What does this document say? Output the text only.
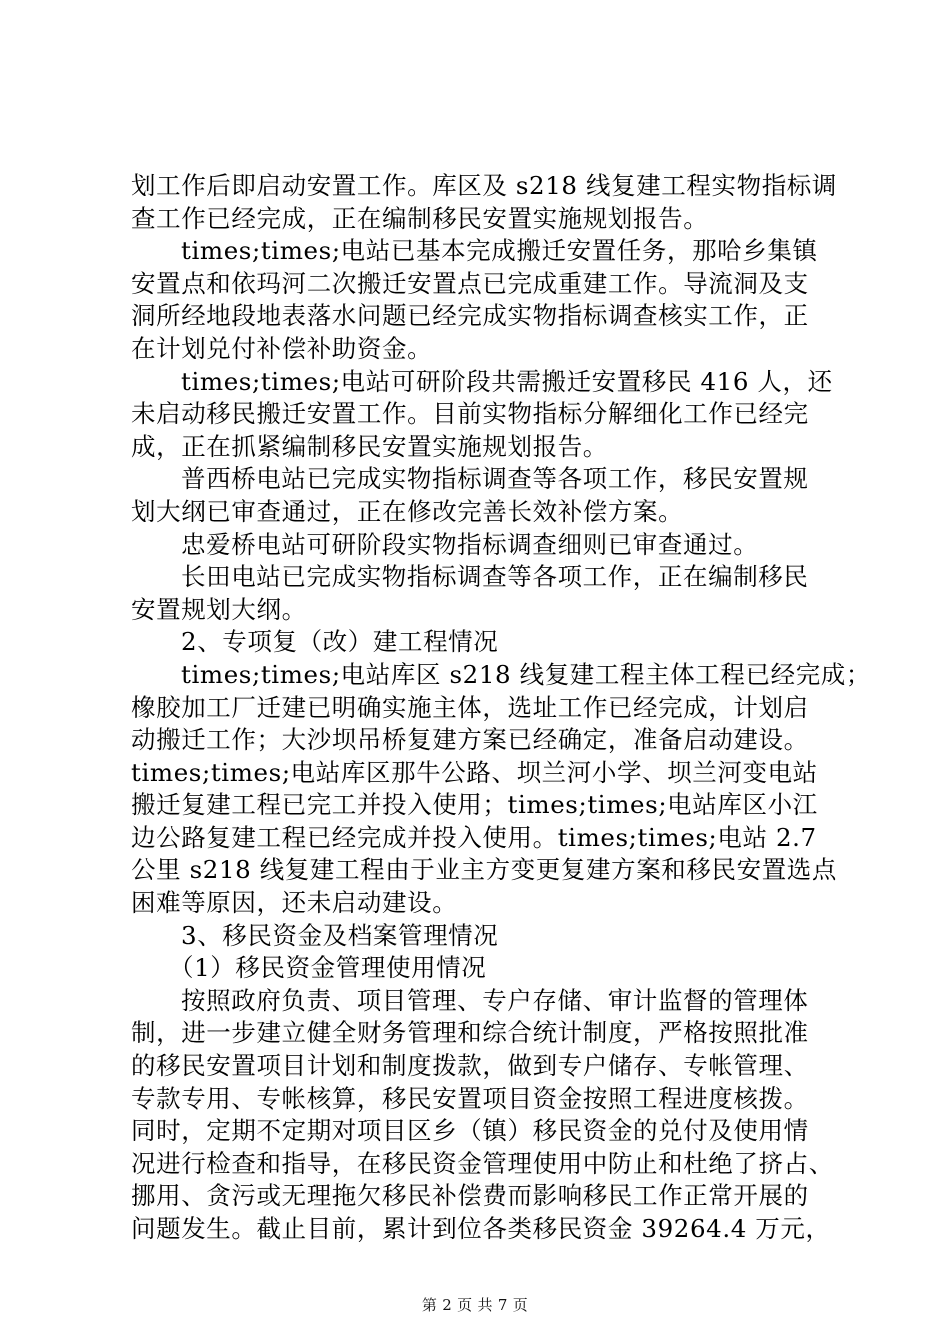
划工作后即启动安置工作。库区及 s218 线复建工程实物指标调
查工作已经完成，正在编制移民安置实施规划报告。
times;times;电站已基本完成搬迁安置任务，那哈乡集镇
安置点和依玛河二次搬迁安置点已完成重建工作。导流洞及支
洞所经地段地表落水问题已经完成实物指标调查核实工作，正
在计划兑付补偿补助资金。
times;times;电站可研阶段共需搬迁安置移民 416 人，还
未启动移民搬迁安置工作。目前实物指标分解细化工作已经完
成，正在抓紧编制移民安置实施规划报告。
普西桥电站已完成实物指标调查等各项工作，移民安置规
划大纲已审查通过，正在修改完善长效补偿方案。
忠爱桥电站可研阶段实物指标调查细则已审查通过。
长田电站已完成实物指标调查等各项工作，正在编制移民
安置规划大纲。
2、专项复（改）建工程情况
times;times;电站库区 s218 线复建工程主体工程已经完成；
橡胶加工厂迁建已明确实施主体，选址工作已经完成，计划启
动搬迁工作；大沙坝吊桥复建方案已经确定，准备启动建设。
times;times;电站库区那牛公路、坝兰河小学、坝兰河变电站
搬迁复建工程已完工并投入使用；times;times;电站库区小江
边公路复建工程已经完成并投入使用。times;times;电站 2.7
公里 s218 线复建工程由于业主方变更复建方案和移民安置选点
困难等原因，还未启动建设。
3、移民资金及档案管理情况
（1）移民资金管理使用情况
按照政府负责、项目管理、专户存储、审计监督的管理体
制，进一步建立健全财务管理和综合统计制度，严格按照批准
的移民安置项目计划和制度拨款，做到专户储存、专帐管理、
专款专用、专帐核算，移民安置项目资金按照工程进度核拨。
同时，定期不定期对项目区乡（镇）移民资金的兑付及使用情
况进行检查和指导，在移民资金管理使用中防止和杜绝了挤占、
挪用、贪污或无理拖欠移民补偿费而影响移民工作正常开展的
问题发生。截止目前，累计到位各类移民资金 39264.4 万元，
第 2 页 共 7 页
